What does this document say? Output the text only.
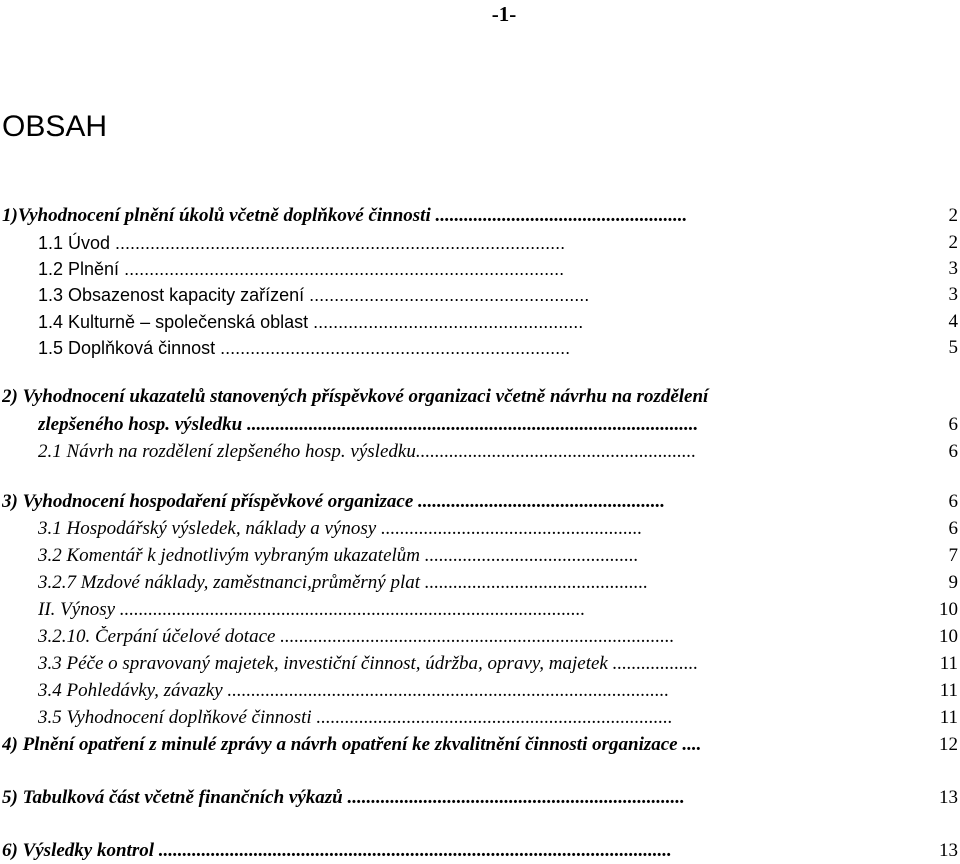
-1-
OBSAH
1)Vyhodnocení plnění úkolů včetně doplňkové činnosti .....................................................	2
1.1 Úvod ..........................................................................................	2
1.2 Plnění ........................................................................................	3
1.3 Obsazenost kapacity zařízení ........................................................	3
1.4 Kulturně – společenská oblast ......................................................	4
1.5 Doplňková činnost ......................................................................	5
2) Vyhodnocení ukazatelů stanovených příspěvkové organizaci včetně návrhu na rozdělení
zlepšeného hosp. výsledku ...............................................................................................	6
2.1 Návrh na rozdělení zlepšeného hosp. výsledku...........................................................	6
3) Vyhodnocení hospodaření příspěvkové organizace ....................................................	6
3.1 Hospodářský výsledek, náklady a výnosy .......................................................	6
3.2 Komentář k jednotlivým vybraným ukazatelům .............................................	7
3.2.7 Mzdové náklady, zaměstnanci,průměrný plat ...............................................	9
II. Výnosy ..................................................................................................	10
3.2.10. Čerpání účelové dotace ...................................................................................	10
3.3 Péče o spravovaný majetek, investiční činnost, údržba, opravy, majetek ..................	11
3.4 Pohledávky, závazky .............................................................................................	11
3.5 Vyhodnocení doplňkové činnosti ...........................................................................	11
4) Plnění opatření z minulé zprávy a návrh opatření ke zkvalitnění činnosti organizace ....	12
5) Tabulková část včetně finančních výkazů .......................................................................	13
6) Výsledky kontrol ............................................................................................................	13
